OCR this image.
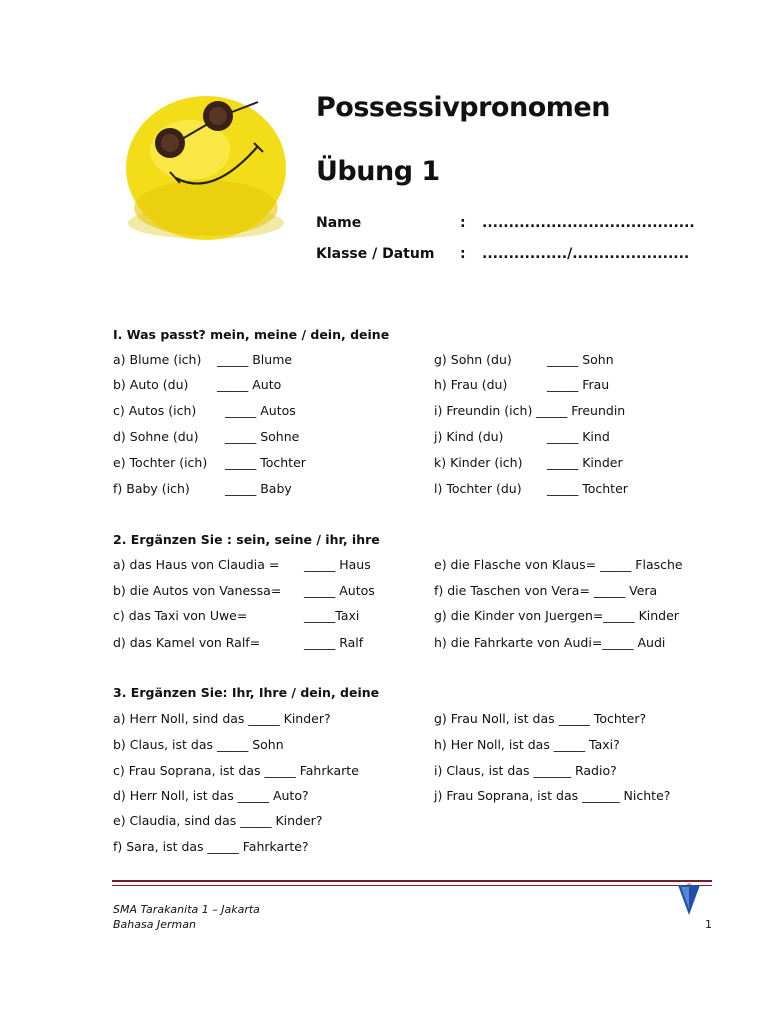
Possessivpronomen
Übung 1
Name	: ........................................
Klasse / Datum : ................/......................
I. Was passt? mein, meine / dein, deine
a) Blume (ich) _____ Blume
b) Auto (du) _____ Auto
c) Autos (ich) _____ Autos
d) Sohne (du) _____ Sohne
e) Tochter (ich) _____ Tochter
f) Baby (ich)	_____ Baby
g) Sohn (du)	_____ Sohn
h) Frau (du)	_____ Frau
i) Freundin (ich) _____ Freundin
j) Kind (du)	_____ Kind
k) Kinder (ich) _____ Kinder
l) Tochter (du) _____ Tochter
2. Ergänzen Sie : sein, seine / ihr, ihre
a) das Haus von Claudia = _____ Haus
b) die Autos von Vanessa= _____ Autos
c) das Taxi von Uwe=	_____Taxi
d) das Kamel von Ralf=	_____ Ralf
e) die Flasche von Klaus= _____ Flasche
f) die Taschen von Vera= _____ Vera
g) die Kinder von Juergen=_____ Kinder
h) die Fahrkarte von Audi=_____ Audi
3. Ergänzen Sie: Ihr, Ihre / dein, deine
a) Herr Noll, sind das _____ Kinder?
b) Claus, ist das _____ Sohn
c) Frau Soprana, ist das _____ Fahrkarte
d) Herr Noll, ist das _____ Auto?
e) Claudia, sind das _____ Kinder?
f) Sara, ist das _____ Fahrkarte?
g) Frau Noll, ist das _____ Tochter?
h) Her Noll, ist das _____ Taxi?
i) Claus, ist das ______ Radio?
j) Frau Soprana, ist das ______ Nichte?
SMA Tarakanita 1 – Jakarta
Bahasa Jerman	1
